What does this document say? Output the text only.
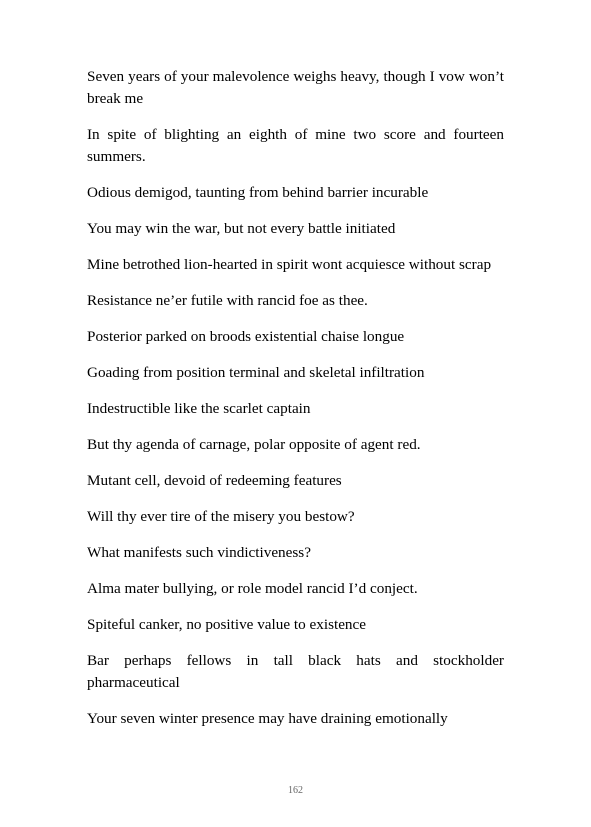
Seven years of your malevolence weighs heavy, though I vow won’t break me

In spite of blighting an eighth of mine two score and fourteen summers.

Odious demigod, taunting from behind barrier incurable

You may win the war, but not every battle initiated

Mine betrothed lion-hearted in spirit wont acquiesce without scrap

Resistance ne’er futile with rancid foe as thee.

Posterior parked on broods existential chaise longue

Goading from position terminal and skeletal infiltration

Indestructible like the scarlet captain

But thy agenda of carnage, polar opposite of agent red.

Mutant cell, devoid of redeeming features

Will thy ever tire of the misery you bestow?

What manifests such vindictiveness?

Alma mater bullying, or role model rancid I’d conject.

Spiteful canker, no positive value to existence

Bar perhaps fellows in tall black hats and stockholder pharmaceutical

Your seven winter presence may have draining emotionally

162
